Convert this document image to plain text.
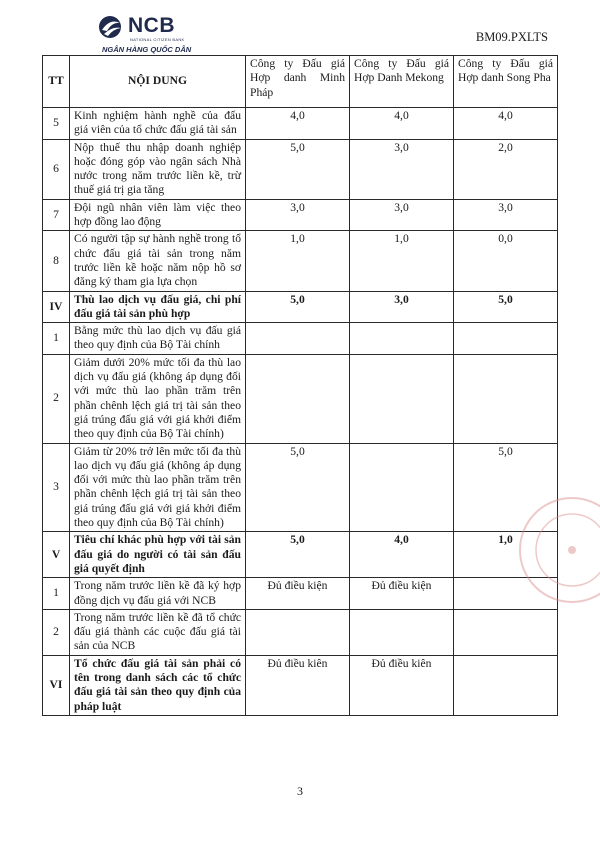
NCB
NATIONAL CITIZEN BANK
NGÂN HÀNG QUỐC DÂN
BM09.PXLTS
TT	NỘI DUNG	Công ty Đấu giá Hợp danh Minh Pháp	Công ty Đấu giá Hợp Danh Mekong	Công ty Đấu giá Hợp danh Song Pha
5	Kinh nghiệm hành nghề của đấu giá viên của tổ chức đấu giá tài sản	4,0	4,0	4,0
6	Nộp thuế thu nhập doanh nghiệp hoặc đóng góp vào ngân sách Nhà nước trong năm trước liền kề, trừ thuế giá trị gia tăng	5,0	3,0	2,0
7	Đội ngũ nhân viên làm việc theo hợp đồng lao động	3,0	3,0	3,0
8	Có người tập sự hành nghề trong tổ chức đấu giá tài sản trong năm trước liền kề hoặc năm nộp hồ sơ đăng ký tham gia lựa chọn	1,0	1,0	0,0
IV	Thù lao dịch vụ đấu giá, chi phí đấu giá tài sản phù hợp	5,0	3,0	5,0
1	Bằng mức thù lao dịch vụ đấu giá theo quy định của Bộ Tài chính			
2	Giảm dưới 20% mức tối đa thù lao dịch vụ đấu giá (không áp dụng đối với mức thù lao phần trăm trên phần chênh lệch giá trị tài sản theo giá trúng đấu giá với giá khởi điểm theo quy định của Bộ Tài chính)			
3	Giảm từ 20% trở lên mức tối đa thù lao dịch vụ đấu giá (không áp dụng đối với mức thù lao phần trăm trên phần chênh lệch giá trị tài sản theo giá trúng đấu giá với giá khởi điểm theo quy định của Bộ Tài chính)	5,0		5,0
V	Tiêu chí khác phù hợp với tài sản đấu giá do người có tài sản đấu giá quyết định	5,0	4,0	1,0
1	Trong năm trước liền kề đã ký hợp đồng dịch vụ đấu giá với NCB	Đủ điều kiện	Đủ điều kiện	
2	Trong năm trước liền kề đã tổ chức đấu giá thành các cuộc đấu giá tài sản của NCB			
VI	Tổ chức đấu giá tài sản phải có tên trong danh sách các tổ chức đấu giá tài sản theo quy định của pháp luật	Đủ điều kiên	Đủ điều kiên	
3
